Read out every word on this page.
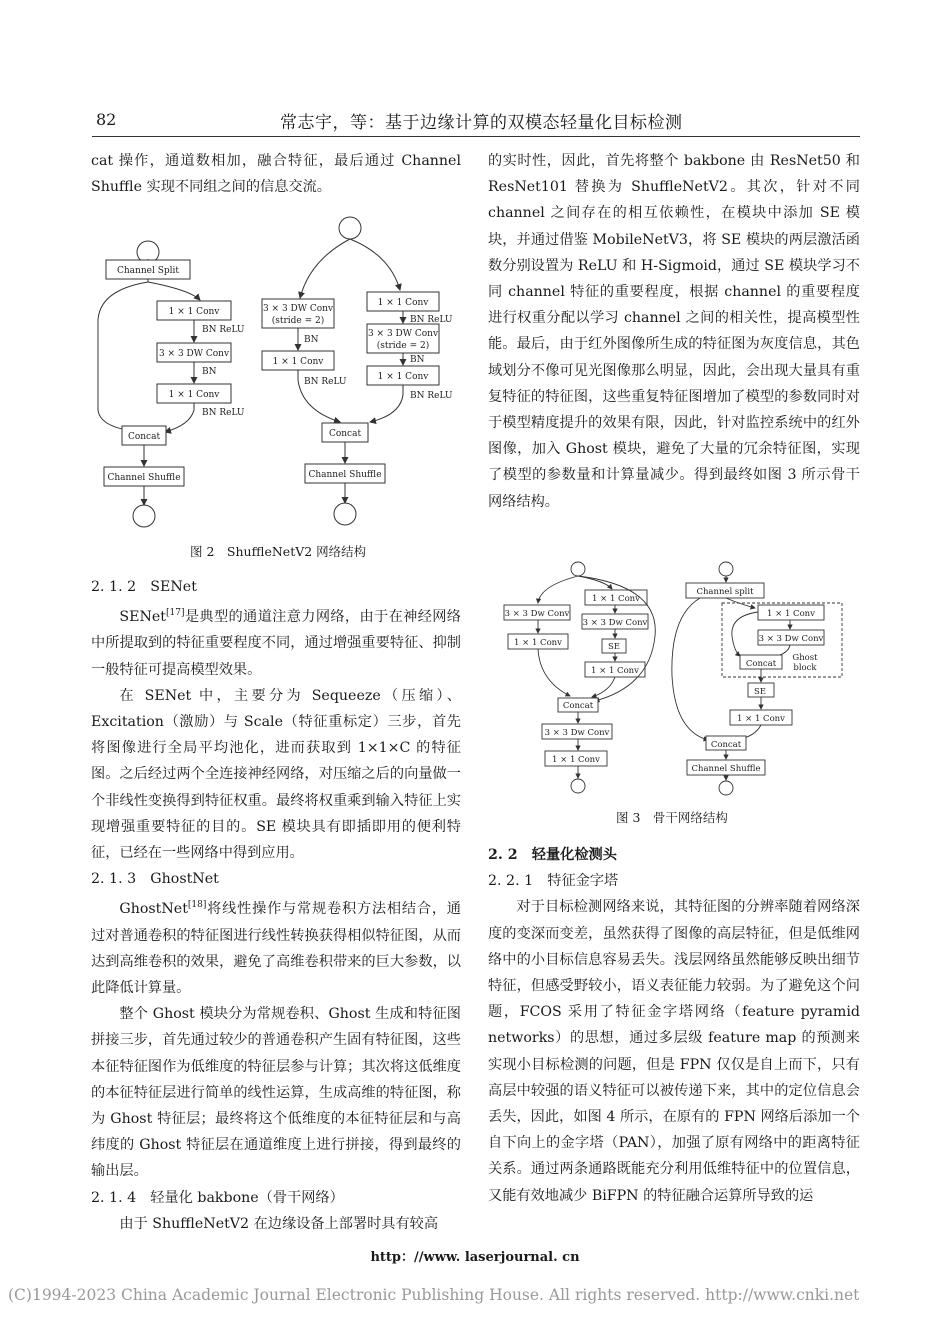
82	常志宇，等：基于边缘计算的双模态轻量化目标检测

cat 操作，通道数相加，融合特征，最后通过 Channel Shuffle 实现不同组之间的信息交流。

Channel Split
1 × 1 Conv
BN ReLU
3 × 3 DW Conv
BN
1 × 1 Conv
BN ReLU
Concat
Channel Shuffle
3 × 3 DW Conv
(stride = 2)
BN
1 × 1 Conv
BN ReLU
1 × 1 Conv
BN ReLU
3 × 3 DW Conv
(stride = 2)
BN
1 × 1 Conv
BN ReLU
Concat
Channel Shuffle
图 2　ShuffleNetV2 网络结构

2. 1. 2　SENet

SENet[17]是典型的通道注意力网络，由于在神经网络中所提取到的特征重要程度不同，通过增强重要特征、抑制一般特征可提高模型效果。

在 SENet 中，主要分为 Sequeeze（压缩）、Excitation（激励）与 Scale（特征重标定）三步，首先将图像进行全局平均池化，进而获取到 1×1×C 的特征图。之后经过两个全连接神经网络，对压缩之后的向量做一个非线性变换得到特征权重。最终将权重乘到输入特征上实现增强重要特征的目的。SE 模块具有即插即用的便利特征，已经在一些网络中得到应用。

2. 1. 3　GhostNet

GhostNet[18]将线性操作与常规卷积方法相结合，通过对普通卷积的特征图进行线性转换获得相似特征图，从而达到高维卷积的效果，避免了高维卷积带来的巨大参数，以此降低计算量。

整个 Ghost 模块分为常规卷积、Ghost 生成和特征图拼接三步，首先通过较少的普通卷积产生固有特征图，这些本征特征图作为低维度的特征层参与计算；其次将这低维度的本征特征层进行简单的线性运算，生成高维的特征图，称为 Ghost 特征层；最终将这个低维度的本征特征层和与高纬度的 Ghost 特征层在通道维度上进行拼接，得到最终的输出层。

2. 1. 4　轻量化 bakbone（骨干网络）

由于 ShuffleNetV2 在边缘设备上部署时具有较高

的实时性，因此，首先将整个 bakbone 由 ResNet50 和 ResNet101 替换为 ShuffleNetV2。其次，针对不同 channel 之间存在的相互依赖性，在模块中添加 SE 模块，并通过借鉴 MobileNetV3，将 SE 模块的两层激活函数分别设置为 ReLU 和 H-Sigmoid，通过 SE 模块学习不同 channel 特征的重要程度，根据 channel 的重要程度进行权重分配以学习 channel 之间的相关性，提高模型性能。最后，由于红外图像所生成的特征图为灰度信息，其色域划分不像可见光图像那么明显，因此，会出现大量具有重复特征的特征图，这些重复特征图增加了模型的参数同时对于模型精度提升的效果有限，因此，针对监控系统中的红外图像，加入 Ghost 模块，避免了大量的冗余特征图，实现了模型的参数量和计算量减少。得到最终如图 3 所示骨干网络结构。

3 × 3 Dw Conv
1 × 1 Conv
1 × 1 Conv
3 × 3 Dw Conv
SE
1 × 1 Conv
Concat
3 × 3 Dw Conv
1 × 1 Conv
Channel split
1 × 1 Conv
3 × 3 Dw Conv
Concat
Ghost
block
SE
1 × 1 Conv
Concat
Channel Shuffle
图 3　骨干网络结构

2. 2　轻量化检测头

2. 2. 1　特征金字塔

对于目标检测网络来说，其特征图的分辨率随着网络深度的变深而变差，虽然获得了图像的高层特征，但是低维网络中的小目标信息容易丢失。浅层网络虽然能够反映出细节特征，但感受野较小，语义表征能力较弱。为了避免这个问题，FCOS 采用了特征金字塔网络（feature pyramid networks）的思想，通过多层级 feature map 的预测来实现小目标检测的问题，但是 FPN 仅仅是自上而下，只有高层中较强的语义特征可以被传递下来，其中的定位信息会丢失，因此，如图 4 所示，在原有的 FPN 网络后添加一个自下向上的金字塔（PAN），加强了原有网络中的距离特征关系。通过两条通路既能充分利用低维特征中的位置信息，又能有效地减少 BiFPN 的特征融合运算所导致的运

http：//www. laserjournal. cn
(C)1994-2023 China Academic Journal Electronic Publishing House. All rights reserved. http://www.cnki.net
